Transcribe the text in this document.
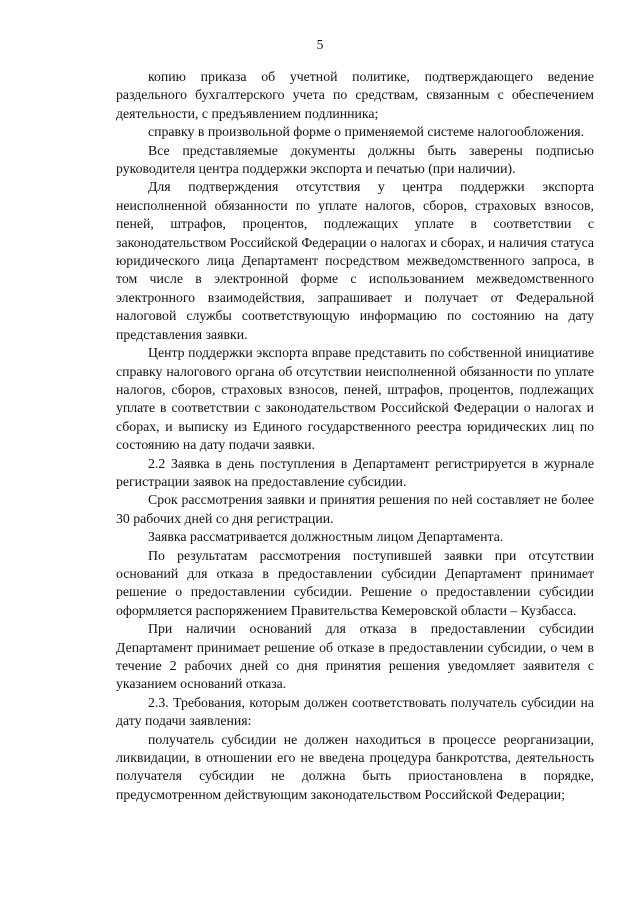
5

копию приказа об учетной политике, подтверждающего ведение раздельного бухгалтерского учета по средствам, связанным с обеспечением деятельности, с предъявлением подлинника;

справку в произвольной форме о применяемой системе налогообложения.

Все представляемые документы должны быть заверены подписью руководителя центра поддержки экспорта и печатью (при наличии).

Для подтверждения отсутствия у центра поддержки экспорта неисполненной обязанности по уплате налогов, сборов, страховых взносов, пеней, штрафов, процентов, подлежащих уплате в соответствии с законодательством Российской Федерации о налогах и сборах, и наличия статуса юридического лица Департамент посредством межведомственного запроса, в том числе в электронной форме с использованием межведомственного электронного взаимодействия, запрашивает и получает от Федеральной налоговой службы соответствующую информацию по состоянию на дату представления заявки.

Центр поддержки экспорта вправе представить по собственной инициативе справку налогового органа об отсутствии неисполненной обязанности по уплате налогов, сборов, страховых взносов, пеней, штрафов, процентов, подлежащих уплате в соответствии с законодательством Российской Федерации о налогах и сборах, и выписку из Единого государственного реестра юридических лиц по состоянию на дату подачи заявки.

2.2 Заявка в день поступления в Департамент регистрируется в журнале регистрации заявок на предоставление субсидии.

Срок рассмотрения заявки и принятия решения по ней составляет не более 30 рабочих дней со дня регистрации.

Заявка рассматривается должностным лицом Департамента.

По результатам рассмотрения поступившей заявки при отсутствии оснований для отказа в предоставлении субсидии Департамент принимает решение о предоставлении субсидии. Решение о предоставлении субсидии оформляется распоряжением Правительства Кемеровской области – Кузбасса.

При наличии оснований для отказа в предоставлении субсидии Департамент принимает решение об отказе в предоставлении субсидии, о чем в течение 2 рабочих дней со дня принятия решения уведомляет заявителя с указанием оснований отказа.

2.3. Требования, которым должен соответствовать получатель субсидии на дату подачи заявления:

получатель субсидии не должен находиться в процессе реорганизации, ликвидации, в отношении его не введена процедура банкротства, деятельность получателя субсидии не должна быть приостановлена в порядке, предусмотренном действующим законодательством Российской Федерации;
